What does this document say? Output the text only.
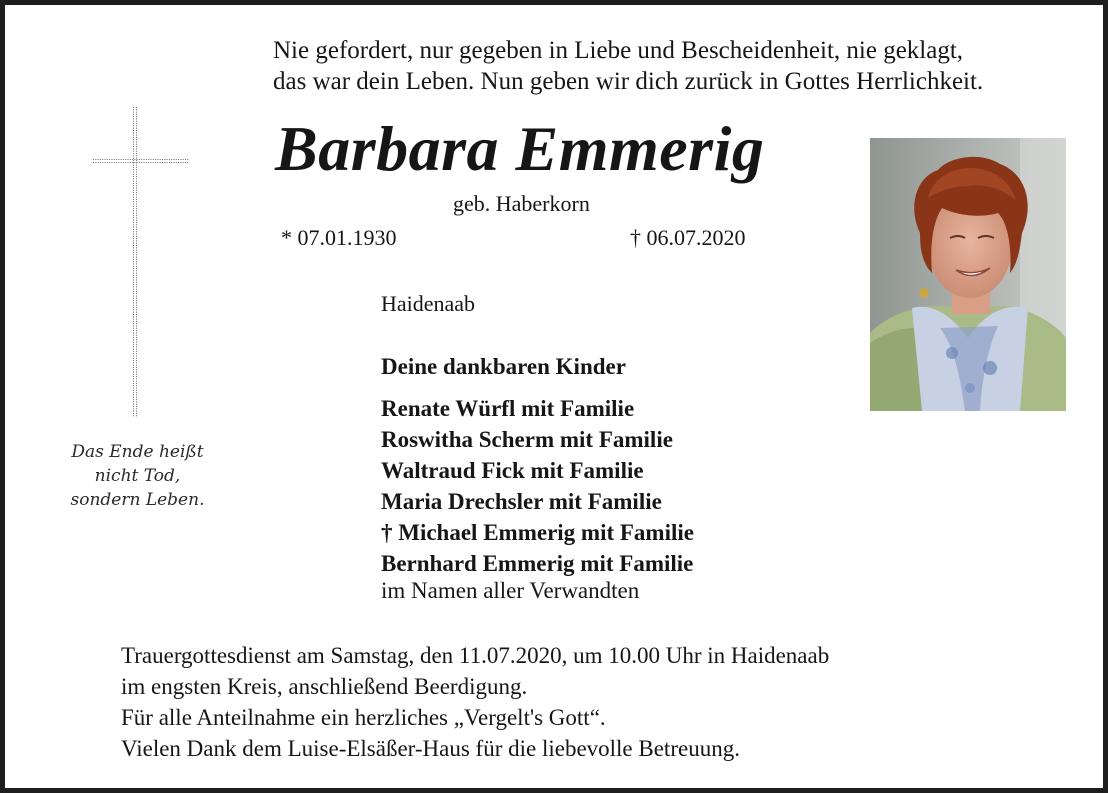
Nie gefordert, nur gegeben in Liebe und Bescheidenheit, nie geklagt,
das war dein Leben. Nun geben wir dich zurück in Gottes Herrlichkeit.
Das Ende heißt
nicht Tod,
sondern Leben.
Barbara Emmerig
geb. Haberkorn
* 07.01.1930	† 06.07.2020
Haidenaab
Deine dankbaren Kinder
Renate Würfl mit Familie
Roswitha Scherm mit Familie
Waltraud Fick mit Familie
Maria Drechsler mit Familie
† Michael Emmerig mit Familie
Bernhard Emmerig mit Familie
im Namen aller Verwandten
Trauergottesdienst am Samstag, den 11.07.2020, um 10.00 Uhr in Haidenaab
im engsten Kreis, anschließend Beerdigung.
Für alle Anteilnahme ein herzliches „Vergelt's Gott“.
Vielen Dank dem Luise-Elsäßer-Haus für die liebevolle Betreuung.
